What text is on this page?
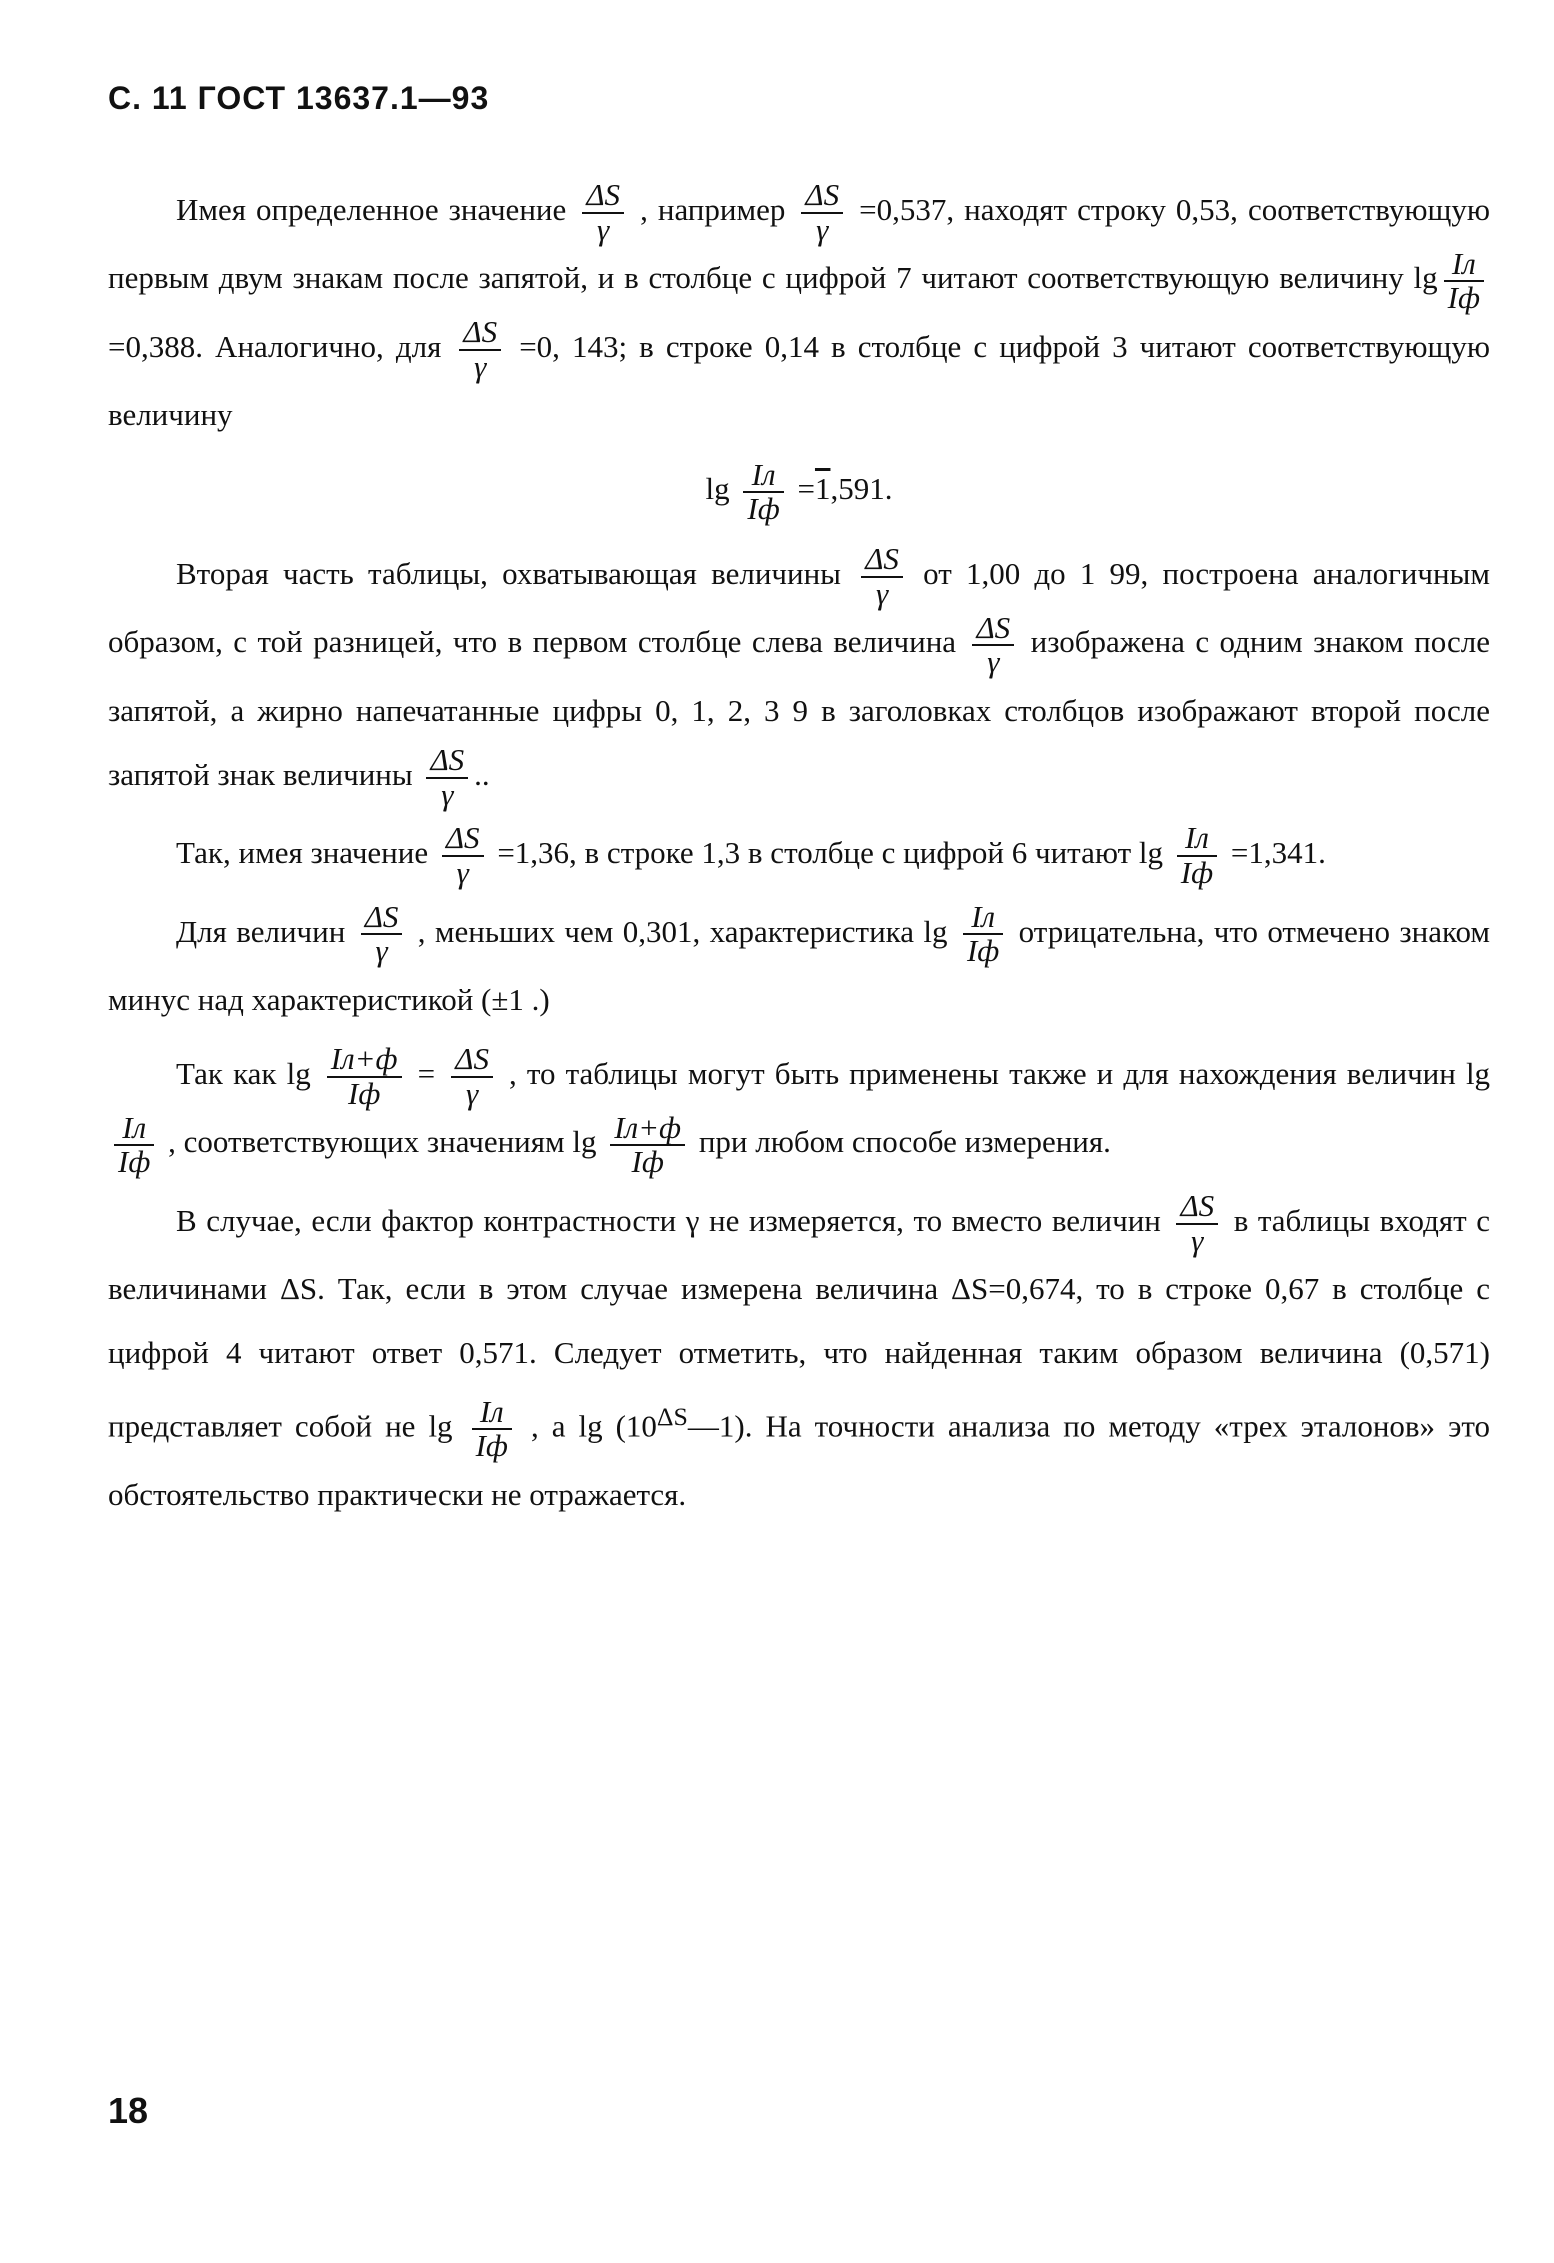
С. 11 ГОСТ 13637.1—93

Имея определенное значение $\frac{\Delta S}{\gamma}$ , например $\frac{\Delta S}{\gamma} =0,537$, находят строку 0,53, соответствующую первым двум знакам после запятой, и в столбце с цифрой 7 читают соответствующую величину $\lg \frac{Iл}{Iф}$
=0,388. Аналогично, для $\frac{\Delta S}{\gamma} =0$, 143; в строке 0,14 в столбце с цифрой 3 читают соответствующую величину

$\lg \frac{Iл}{Iф} =1,591$.

Вторая часть таблицы, охватывающая величины $\frac{\Delta S}{\gamma}$ от 1,00 до 1 99, построена аналогичным образом, с той разницей, что в первом столбце слева величина $\frac{\Delta S}{\gamma}$ изображена с одним знаком после запятой, а жирно напечатанные цифры 0, 1, 2, 3 9 в заголовках столбцов изображают второй после запятой знак величины $\frac{\Delta S}{\gamma}$ ..

Так, имея значение $\frac{\Delta S}{\gamma} =1,36$, в строке 1,3 в столбце с цифрой 6 читают $\lg \frac{Iл}{Iф} =1,341$.

Для величин $\frac{\Delta S}{\gamma}$ , меньших чем 0,301, характеристика $\lg \frac{Iл}{Iф}$ отрицательна, что отмечено знаком минус над характеристикой (±1 .)

Так как $\lg \frac{Iл+ф}{Iф} = \frac{\Delta S}{\gamma}$ , то таблицы могут быть применены также и для нахождения величин lg
$\frac{Iл}{Iф}$ , соответствующих значениям $\lg \frac{Iл+ф}{Iф}$ при любом способе измерения.

В случае, если фактор контрастности γ не измеряется, то вместо величин $\frac{\Delta S}{\gamma}$ в таблицы входят с величинами ΔS. Так, если в этом случае измерена величина ΔS=0,674, то в строке 0,67 в столбце с цифрой 4 читают ответ 0,571. Следует отметить, что найденная таким образом величина (0,571) представляет собой не $\lg \frac{Iл}{Iф}$ , а $\lg (10^{\Delta S}—1)$. На точности анализа по методу «трех эталонов» это обстоятельство практически не отражается.

18
